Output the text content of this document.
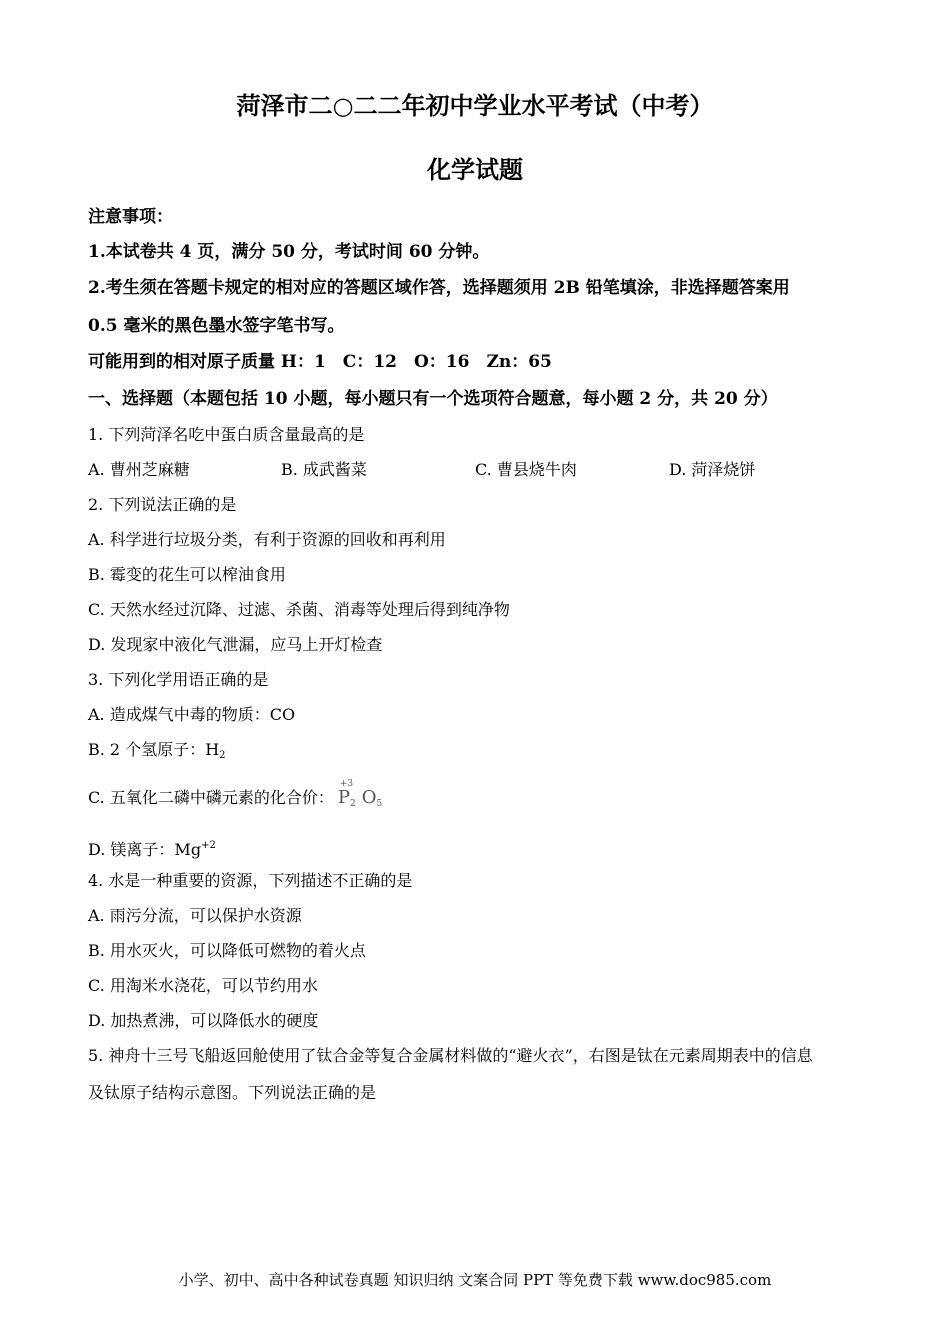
菏泽市二○二二年初中学业水平考试（中考）
化学试题
注意事项：
1.本试卷共 4 页，满分 50 分，考试时间 60 分钟。
2.考生须在答题卡规定的相对应的答题区域作答，选择题须用 2B 铅笔填涂，非选择题答案用
0.5 毫米的黑色墨水签字笔书写。
可能用到的相对原子质量 H：1　C：12　O：16　Zn：65
一、选择题（本题包括 10 小题，每小题只有一个选项符合题意，每小题 2 分，共 20 分）
1. 下列菏泽名吃中蛋白质含量最高的是
A. 曹州芝麻糖	B. 成武酱菜	C. 曹县烧牛肉	D. 菏泽烧饼
2. 下列说法正确的是
A. 科学进行垃圾分类，有利于资源的回收和再利用
B. 霉变的花生可以榨油食用
C. 天然水经过沉降、过滤、杀菌、消毒等处理后得到纯净物
D. 发现家中液化气泄漏，应马上开灯检查
3. 下列化学用语正确的是
A. 造成煤气中毒的物质：CO
B. 2 个氢原子：$H_2$
C. 五氧化二磷中磷元素的化合价：
+3
P2 O5
D. 镁离子：$Mg^{+2}$
4. 水是一种重要的资源，下列描述不正确的是
A. 雨污分流，可以保护水资源
B. 用水灭火，可以降低可燃物的着火点
C. 用淘米水浇花，可以节约用水
D. 加热煮沸，可以降低水的硬度
5. 神舟十三号飞船返回舱使用了钛合金等复合金属材料做的“避火衣”，右图是钛在元素周期表中的信息
及钛原子结构示意图。下列说法正确的是
小学、初中、高中各种试卷真题 知识归纳 文案合同 PPT 等免费下载 www.doc985.com
